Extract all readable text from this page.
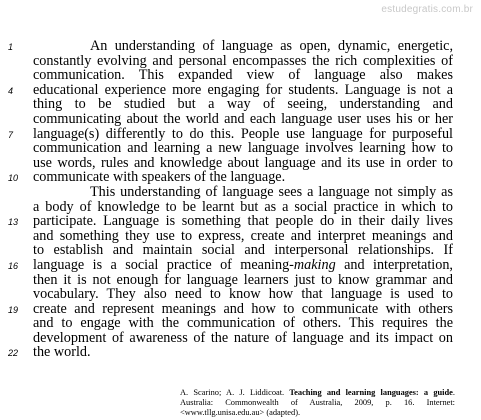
estudegratis.com.br
1	An understanding of language as open, dynamic, energetic,
constantly evolving and personal encompasses the rich complexities of
communication. This expanded view of language also makes
4 educational experience more engaging for students. Language is not a
thing to be studied but a way of seeing, understanding and
communicating about the world and each language user uses his or her
7 language(s) differently to do this. People use language for purposeful
communication and learning a new language involves learning how to
use words, rules and knowledge about language and its use in order to
10 communicate with speakers of the language.
This understanding of language sees a language not simply as
a body of knowledge to be learnt but as a social practice in which to
13 participate. Language is something that people do in their daily lives
and something they use to express, create and interpret meanings and
to establish and maintain social and interpersonal relationships. If
16 language is a social practice of meaning-making and interpretation,
then it is not enough for language learners just to know grammar and
vocabulary. They also need to know how that language is used to
19 create and represent meanings and how to communicate with others
and to engage with the communication of others. This requires the
development of awareness of the nature of language and its impact on
22 the world.
A. Scarino; A. J. Liddicoat. Teaching and learning languages: a guide. Australia: Commonwealth of Australia, 2009, p. 16. Internet: <www.tllg.unisa.edu.au> (adapted).
